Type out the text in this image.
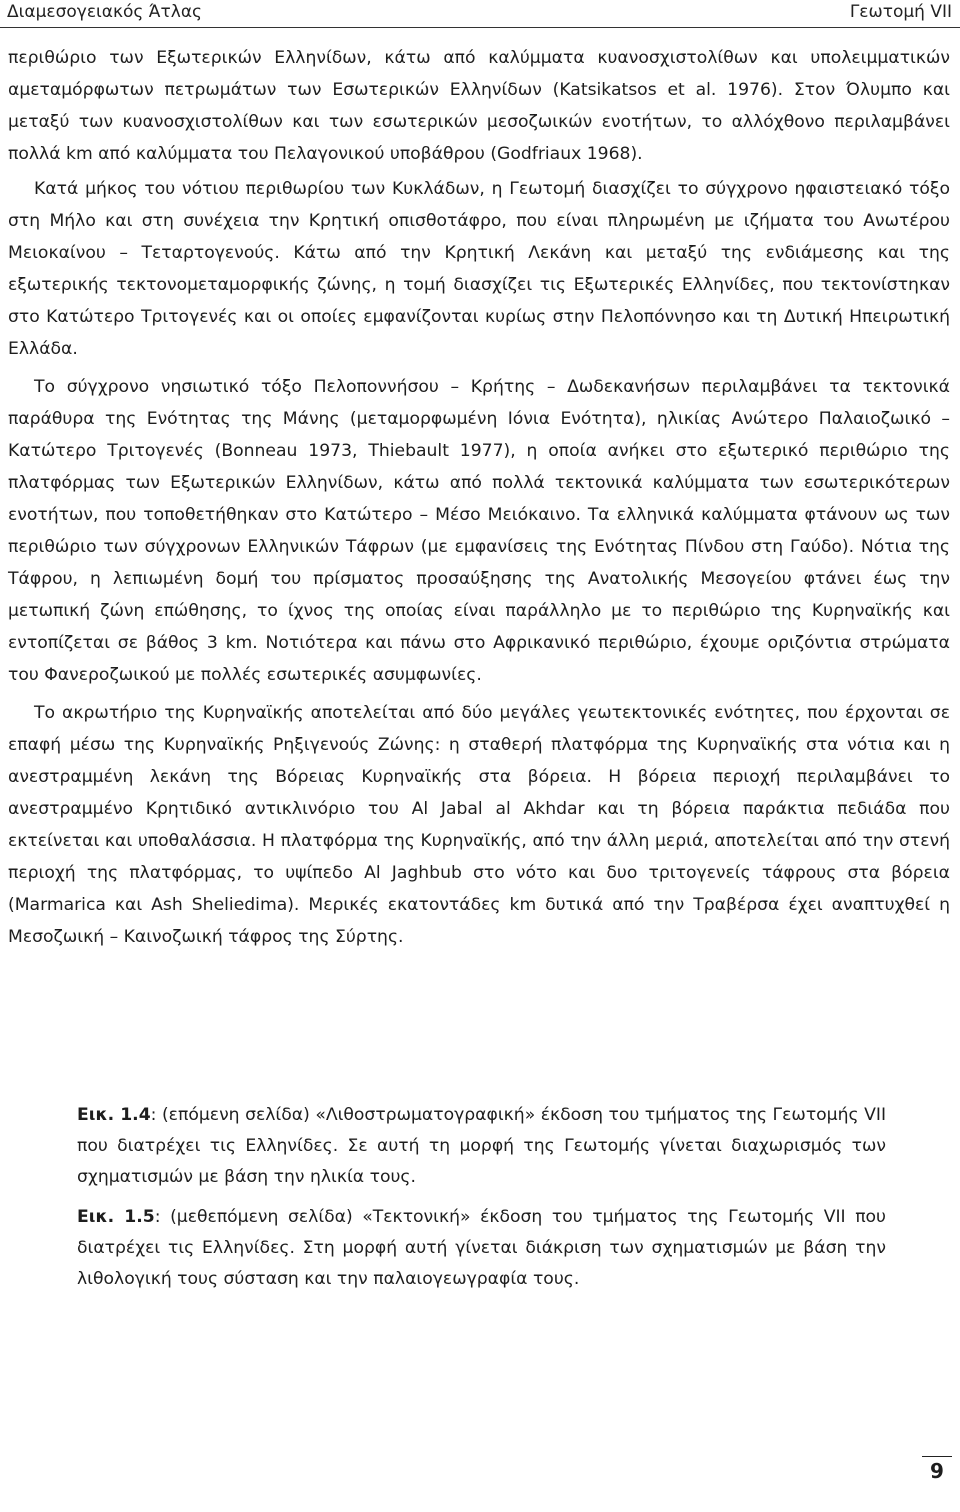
Διαμεσογειακός Άτλας	Γεωτομή VII

περιθώριο των Εξωτερικών Ελληνίδων, κάτω από καλύμματα κυανοσχιστολίθων και υπολειμματικών αμεταμόρφωτων πετρωμάτων των Εσωτερικών Ελληνίδων (Katsikatsos et al. 1976). Στον Όλυμπο και μεταξύ των κυανοσχιστολίθων και των εσωτερικών μεσοζωικών ενοτήτων, το αλλόχθονο περιλαμβάνει πολλά km από καλύμματα του Πελαγονικού υποβάθρου (Godfriaux 1968).

Κατά μήκος του νότιου περιθωρίου των Κυκλάδων, η Γεωτομή διασχίζει το σύγχρονο ηφαιστειακό τόξο στη Μήλο και στη συνέχεια την Κρητική οπισθοτάφρο, που είναι πληρωμένη με ιζήματα του Ανωτέρου Μειοκαίνου – Τεταρτογενούς. Κάτω από την Κρητική Λεκάνη και μεταξύ της ενδιάμεσης και της εξωτερικής τεκτονομεταμορφικής ζώνης, η τομή διασχίζει τις Εξωτερικές Ελληνίδες, που τεκτονίστηκαν στο Κατώτερο Τριτογενές και οι οποίες εμφανίζονται κυρίως στην Πελοπόννησο και τη Δυτική Ηπειρωτική Ελλάδα.

Το σύγχρονο νησιωτικό τόξο Πελοποννήσου – Κρήτης – Δωδεκανήσων περιλαμβάνει τα τεκτονικά παράθυρα της Ενότητας της Μάνης (μεταμορφωμένη Ιόνια Ενότητα), ηλικίας Ανώτερο Παλαιοζωικό – Κατώτερο Τριτογενές (Bonneau 1973, Thiebault 1977), η οποία ανήκει στο εξωτερικό περιθώριο της πλατφόρμας των Εξωτερικών Ελληνίδων, κάτω από πολλά τεκτονικά καλύμματα των εσωτερικότερων ενοτήτων, που τοποθετήθηκαν στο Κατώτερο – Μέσο Μειόκαινο. Τα ελληνικά καλύμματα φτάνουν ως των περιθώριο των σύγχρονων Ελληνικών Τάφρων (με εμφανίσεις της Ενότητας Πίνδου στη Γαύδο). Νότια της Τάφρου, η λεπιωμένη δομή του πρίσματος προσαύξησης της Ανατολικής Μεσογείου φτάνει έως την μετωπική ζώνη επώθησης, το ίχνος της οποίας είναι παράλληλο με το περιθώριο της Κυρηναϊκής και εντοπίζεται σε βάθος 3 km. Νοτιότερα και πάνω στο Αφρικανικό περιθώριο, έχουμε οριζόντια στρώματα του Φανεροζωικού με πολλές εσωτερικές ασυμφωνίες.

Το ακρωτήριο της Κυρηναϊκής αποτελείται από δύο μεγάλες γεωτεκτονικές ενότητες, που έρχονται σε επαφή μέσω της Κυρηναϊκής Ρηξιγενούς Ζώνης: η σταθερή πλατφόρμα της Κυρηναϊκής στα νότια και η ανεστραμμένη λεκάνη της Βόρειας Κυρηναϊκής στα βόρεια. Η βόρεια περιοχή περιλαμβάνει το ανεστραμμένο Κρητιδικό αντικλινόριο του Al Jabal al Akhdar και τη βόρεια παράκτια πεδιάδα που εκτείνεται και υποθαλάσσια. Η πλατφόρμα της Κυρηναϊκής, από την άλλη μεριά, αποτελείται από την στενή περιοχή της πλατφόρμας, το υψίπεδο Al Jaghbub στο νότο και δυο τριτογενείς τάφρους στα βόρεια (Marmarica και Ash Sheliedima). Μερικές εκατοντάδες km δυτικά από την Τραβέρσα έχει αναπτυχθεί η Μεσοζωική – Καινοζωική τάφρος της Σύρτης.

Εικ. 1.4: (επόμενη σελίδα) «Λιθοστρωματογραφική» έκδοση του τμήματος της Γεωτομής VII που διατρέχει τις Ελληνίδες. Σε αυτή τη μορφή της Γεωτομής γίνεται διαχωρισμός των σχηματισμών με βάση την ηλικία τους.

Εικ. 1.5: (μεθεπόμενη σελίδα) «Τεκτονική» έκδοση του τμήματος της Γεωτομής VII που διατρέχει τις Ελληνίδες. Στη μορφή αυτή γίνεται διάκριση των σχηματισμών με βάση την λιθολογική τους σύσταση και την παλαιογεωγραφία τους.

9
